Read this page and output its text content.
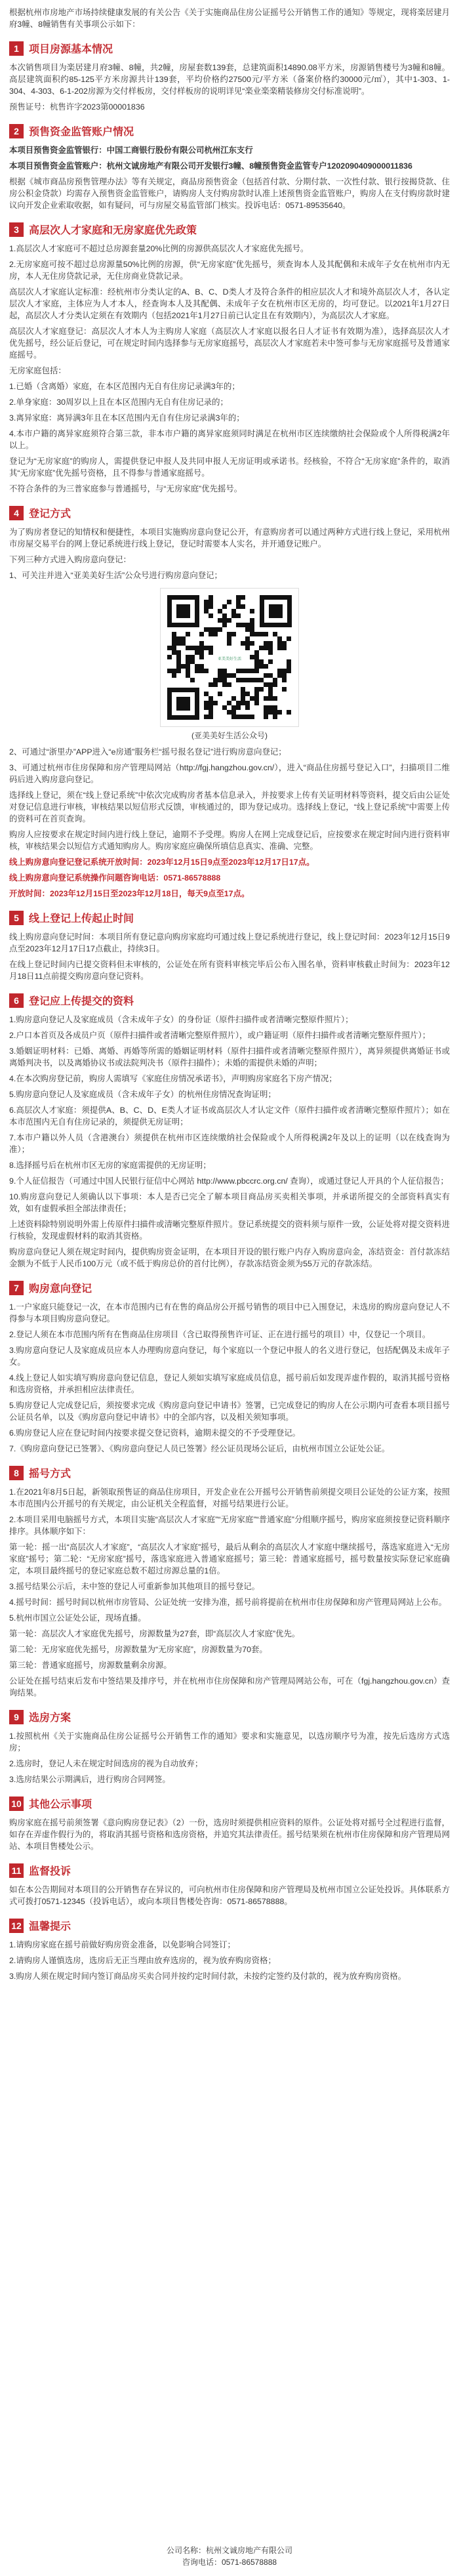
根据杭州市房地产市场持续健康发展的有关公告《关于实施商品住房公证摇号公开销售工作的通知》等规定，现将楽居建月府3幢、8幢销售有关事项公示如下：

1 项目房源基本情况

本次销售项目为楽居建月府3幢、8幢，共2幢，房屋套数139套，总建筑面积14890.08平方米，房源销售楼号为3幢和8幢。高层建筑面积约85-125平方米房源共计139套，平均价格约27500元/平方米（备案价格约30000元/㎡），其中1-303、1-304、4-303、6-1-202房源为交付样板房，交付样板房的说明详见“楽业楽楽精装修房交付标准说明”。

预售证号：杭售许字2023第00001836

2 预售资金监管账户情况

本项目预售资金监管银行：中国工商银行股份有限公司杭州江东支行

本项目预售资金监管账户：杭州文诚房地产有限公司开发银行3幢、8幢预售资金监管专户1202090409000011836

根据《城市商品房预售管理办法》等有关规定，商品房预售资金（包括首付款、分期付款、一次性付款、银行按揭贷款、住房公积金贷款）均需存入预售资金监管账户，请购房人支付购房款时认准上述预售资金监管账户，购房人在支付购房款时建议向开发企业索取收据，如有疑问，可与房屋交易监管部门核实。投诉电话：0571-89535640。

3 高层次人才家庭和无房家庭优先政策

1.高层次人才家庭可不超过总房源套量20%比例的房源供高层次人才家庭优先摇号。

2.无房家庭可按不超过总房源量50%比例的房源，供“无房家庭”优先摇号，须查询本人及其配偶和未成年子女在杭州市内无房，本人无住房贷款记录，无住房商业贷款记录。

高层次人才家庭认定标准：经杭州市分类认定的A、B、C、D类人才及符合条件的相应层次人才和境外高层次人才，各认定层次人才家庭，主体应为人才本人，经查询本人及其配偶、未成年子女在杭州市区无房的，均可登记。以2021年1月27日起，高层次人才分类认定须在有效期内（包括2021年1月27日前已认定且在有效期内），为高层次人才家庭。

高层次人才家庭登记：高层次人才本人为主购房人家庭（高层次人才家庭以报名日人才证书有效期为准），选择高层次人才优先摇号，经公证后登记，可在规定时间内选择参与无房家庭摇号，高层次人才家庭若未中签可参与无房家庭摇号及普通家庭摇号。

无房家庭包括：

1.已婚（含离婚）家庭，在本区范围内无自有住房记录满3年的；

2.单身家庭：30周岁以上且在本区范围内无自有住房记录的；

3.离异家庭：离异满3年且在本区范围内无自有住房记录满3年的；

4.本市户籍的离异家庭须符合第三款，非本市户籍的离异家庭须同时满足在杭州市区连续缴纳社会保险或个人所得税满2年以上。

登记为“无房家庭”的购房人，需提供登记申报人及共同申报人无房证明或承诺书。经核验，不符合“无房家庭”条件的，取消其“无房家庭”优先摇号资格，且不得参与普通家庭摇号。

不符合条件的为三普家庭参与普通摇号，与“无房家庭”优先摇号。

4 登记方式

为了购房者登记的知情权和便捷性，本项目实施购房意向登记公开，有意购房者可以通过两种方式进行线上登记，采用杭州市房屋交易平台的网上登记系统进行线上登记，登记时需要本人实名，并开通登记账户。

下列三种方式进入购房意向登记：

1、可关注并进入“亚美美好生活”公众号进行购房意向登记；

亚美美好生活
(亚美美好生活公众号)

2、可通过“浙里办”APP进入“e房通”服务栏“摇号报名登记”进行购房意向登记；

3、可通过杭州市住房保障和房产管理局网站（http://fgj.hangzhou.gov.cn/），进入“商品住房摇号登记入口”，扫描项目二维码后进入购房意向登记。

选择线上登记，须在“线上登记系统”中依次完成购房者基本信息录入，并按要求上传有关证明材料等资料，提交后由公证处对登记信息进行审核，审核结果以短信形式反馈，审核通过的，即为登记成功。选择线上登记，“线上登记系统”中需要上传的资料可在首页查询。

购房人应按要求在规定时间内进行线上登记，逾期不予受理。购房人在网上完成登记后，应按要求在规定时间内进行资料审核，审核结果会以短信方式通知购房人。购房家庭应确保所填信息真实、准确、完整。

线上购房意向登记登记系统开放时间：2023年12月15日9点至2023年12月17日17点。

线上购房意向登记系统操作问题咨询电话：0571-86578888

开放时间：2023年12月15日至2023年12月18日，每天9点至17点。

5 线上登记上传起止时间

线上购房意向登记时间：本项目所有登记意向购房家庭均可通过线上登记系统进行登记，线上登记时间：2023年12月15日9点至2023年12月17日17点截止，持续3日。

在线上登记时间内已提交资料但未审核的，公证处在所有资料审核完毕后公布入围名单，资料审核截止时间为：2023年12月18日11点前提交购房意向登记资料。

6 登记应上传提交的资料

1.购房意向登记人及家庭成员（含未成年子女）的身份证（原件扫描件或者清晰完整原件照片）；

2.户口本首页及各成员户页（原件扫描件或者清晰完整原件照片），或户籍证明（原件扫描件或者清晰完整原件照片）；

3.婚姻证明材料：已婚、离婚、再婚等所需的婚姻证明材料（原件扫描件或者清晰完整原件照片），离异须提供离婚证书或离婚判决书，以及离婚协议书或法院判决书（原件扫描件）；未婚的需提供未婚的声明；

4.在本次购房登记前，购房人需填写《家庭住房情况承诺书》，声明购房家庭名下房产情况；

5.购房意向登记人及家庭成员（含未成年子女）的杭州住房情况查询证明；

6.高层次人才家庭：须提供A、B、C、D、E类人才证书或高层次人才认定文件（原件扫描件或者清晰完整原件照片）；如在本市范围内无自有住房记录的，须提供无房证明；

7.本市户籍以外人员（含港澳台）须提供在杭州市区连续缴纳社会保险或个人所得税满2年及以上的证明（以在线查询为准）；

8.选择摇号后在杭州市区无房的家庭需提供的无房证明；

9.个人征信报告（可通过中国人民银行征信中心网站 http://www.pbccrc.org.cn/ 查询），或通过登记人开具的个人征信报告；

10.购房意向登记人须确认以下事项：本人是否已完全了解本项目商品房买卖相关事项，并承诺所提交的全部资料真实有效，如有虚假承担全部法律责任；

上述资料除特别说明外需上传原件扫描件或清晰完整原件照片。登记系统提交的资料须与原件一致，公证处将对提交资料进行核验，发现虚假材料的取消其资格。

购房意向登记人须在规定时间内，提供购房资金证明，在本项目开设的银行账户内存入购房意向金，冻结资金：首付款冻结金额为不低于人民币100万元（或不低于购房总价的首付比例），存款冻结资金须为55万元的存款冻结。

7 购房意向登记

1.一户家庭只能登记一次，在本市范围内已有在售的商品房公开摇号销售的项目中已入围登记，未选房的购房意向登记人不得参与本项目购房意向登记。

2.登记人须在本市范围内所有在售商品住房项目（含已取得预售许可证、正在进行摇号的项目）中，仅登记一个项目。

3.购房意向登记人及家庭成员应本人办理购房意向登记，每个家庭以一个登记申报人的名义进行登记，包括配偶及未成年子女。

4.线上登记人如实填写购房意向登记信息，登记人须如实填写家庭成员信息，摇号前后如发现弄虚作假的，取消其摇号资格和选房资格，并承担相应法律责任。

5.购房登记人完成登记后，须按要求完成《购房意向登记申请书》签署，已完成登记的购房人在公示期内可查看本项目摇号公证员名单，以及《购房意向登记申请书》中的全部内容，以及相关须知事项。

6.购房登记人应在登记时间内按要求提交登记资料，逾期未提交的不予受理登记。

7.《购房意向登记已签署》、《购房意向登记人员已签署》经公证员现场公证后，由杭州市国立公证处公证。

8 摇号方式

1.在2021年8月5日起，新领取预售证的商品住房项目，开发企业在公开摇号公开销售前须提交项目公证处的公证方案，按照本市范围内公开摇号的有关规定，由公证机关全程监督，对摇号结果进行公证。

2.本项目采用电脑摇号方式，本项目实施“高层次人才家庭”“无房家庭”“普通家庭”分组顺序摇号，购房家庭须按登记资料顺序排序。具体顺序如下：

第一轮：摇一出“高层次人才家庭”，“高层次人才家庭”摇号，最后从剩余的高层次人才家庭中继续摇号，落选家庭进入“无房家庭”摇号；第二轮：“无房家庭”摇号，落选家庭进入普通家庭摇号；第三轮：普通家庭摇号，摇号数量按实际登记家庭确定，本项目最终摇号的登记家庭总数不超过房源总量的1倍。

3.摇号结果公示后，未中签的登记人可重新参加其他项目的摇号登记。

4.摇号时间：摇号时间以杭州市房管局、公证处统一安排为准，摇号前将提前在杭州市住房保障和房产管理局网站上公布。

5.杭州市国立公证处公证，现场直播。

第一轮：高层次人才家庭优先摇号，房源数量为27套，即“高层次人才家庭”优先。

第二轮：无房家庭优先摇号，房源数量为“无房家庭”，房源数量为70套。

第三轮：普通家庭摇号，房源数量剩余房源。

公证处在摇号结束后发布中签结果及排序号，并在杭州市住房保障和房产管理局网站公布，可在（fgj.hangzhou.gov.cn）查询结果。

9 选房方案

1.按照杭州《关于实施商品住房公证摇号公开销售工作的通知》要求和实施意见，以选房顺序号为准，按先后选房方式选房；

2.选房时，登记人未在规定时间选房的视为自动放弃；

3.选房结果公示期满后，进行购房合同网签。

10 其他公示事项

购房家庭在摇号前须签署《意向购房登记表》（2）一份，选房时须提供相应资料的原件。公证处将对摇号全过程进行监督，如存在弄虚作假行为的，将取消其摇号资格和选房资格，并追究其法律责任。摇号结果须在杭州市住房保障和房产管理局网站、本项目售楼处公示。

11 监督投诉

如在本公告期间对本项目的公开销售存在异议的，可向杭州市住房保障和房产管理局及杭州市国立公证处投诉。具体联系方式可拨打0571-12345（投诉电话），或向本项目售楼处咨询：0571-86578888。

12 温馨提示

1.请购房家庭在摇号前做好购房资金准备，以免影响合同签订；

2.请购房人谨慎选房，选房后无正当理由放弃选房的，视为放弃购房资格；

3.购房人须在规定时间内签订商品房买卖合同并按约定时间付款，未按约定签约及付款的，视为放弃购房资格。

公司名称：杭州文诚房地产有限公司
咨询电话：0571-86578888
